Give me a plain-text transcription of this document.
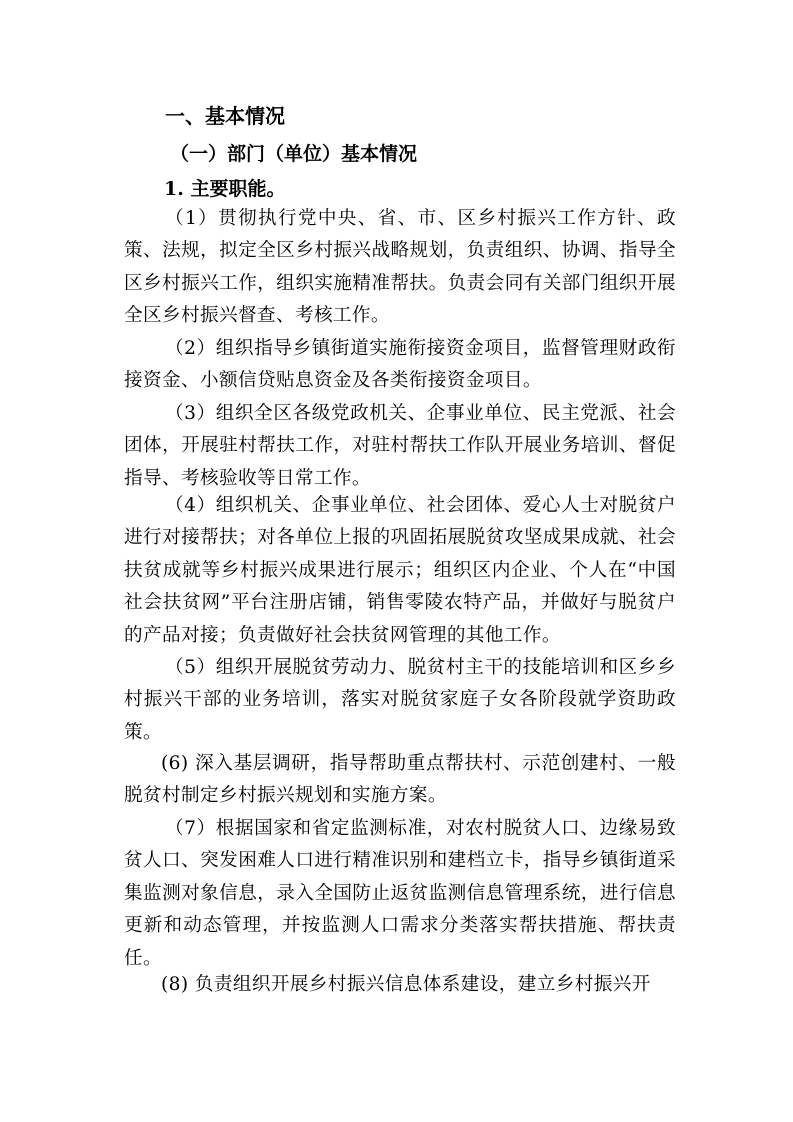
一、基本情况
（一）部门（单位）基本情况
1. 主要职能。

（1）贯彻执行党中央、省、市、区乡村振兴工作方针、政策、法规，拟定全区乡村振兴战略规划，负责组织、协调、指导全区乡村振兴工作，组织实施精准帮扶。负责会同有关部门组织开展全区乡村振兴督查、考核工作。

（2）组织指导乡镇街道实施衔接资金项目，监督管理财政衔接资金、小额信贷贴息资金及各类衔接资金项目。

（3）组织全区各级党政机关、企事业单位、民主党派、社会团体，开展驻村帮扶工作，对驻村帮扶工作队开展业务培训、督促指导、考核验收等日常工作。

（4）组织机关、企事业单位、社会团体、爱心人士对脱贫户进行对接帮扶；对各单位上报的巩固拓展脱贫攻坚成果成就、社会扶贫成就等乡村振兴成果进行展示；组织区内企业、个人在“中国社会扶贫网”平台注册店铺，销售零陵农特产品，并做好与脱贫户的产品对接；负责做好社会扶贫网管理的其他工作。

（5）组织开展脱贫劳动力、脱贫村主干的技能培训和区乡乡村振兴干部的业务培训，落实对脱贫家庭子女各阶段就学资助政策。

(6) 深入基层调研，指导帮助重点帮扶村、示范创建村、一般脱贫村制定乡村振兴规划和实施方案。

（7）根据国家和省定监测标准，对农村脱贫人口、边缘易致贫人口、突发困难人口进行精准识别和建档立卡，指导乡镇街道采集监测对象信息，录入全国防止返贫监测信息管理系统，进行信息更新和动态管理，并按监测人口需求分类落实帮扶措施、帮扶责任。

(8) 负责组织开展乡村振兴信息体系建设，建立乡村振兴开
